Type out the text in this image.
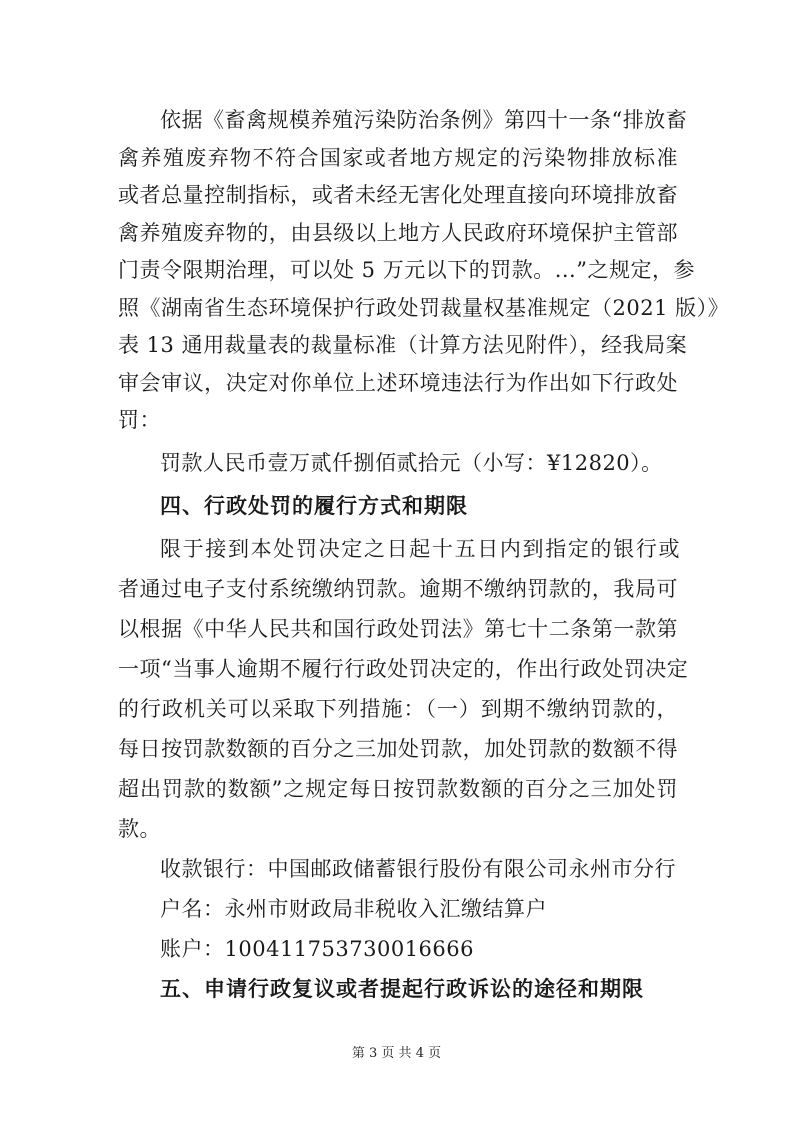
依据《畜禽规模养殖污染防治条例》第四十一条“排放畜
禽养殖废弃物不符合国家或者地方规定的污染物排放标准
或者总量控制指标，或者未经无害化处理直接向环境排放畜
禽养殖废弃物的，由县级以上地方人民政府环境保护主管部
门责令限期治理，可以处 5 万元以下的罚款。...”之规定，参
照《湖南省生态环境保护行政处罚裁量权基准规定（2021 版）》
表 13 通用裁量表的裁量标准（计算方法见附件），经我局案
审会审议，决定对你单位上述环境违法行为作出如下行政处
罚：
罚款人民币壹万贰仟捌佰贰拾元（小写：¥12820）。
四、行政处罚的履行方式和期限
限于接到本处罚决定之日起十五日内到指定的银行或
者通过电子支付系统缴纳罚款。逾期不缴纳罚款的，我局可
以根据《中华人民共和国行政处罚法》第七十二条第一款第
一项“当事人逾期不履行行政处罚决定的，作出行政处罚决定
的行政机关可以采取下列措施：（一）到期不缴纳罚款的，
每日按罚款数额的百分之三加处罚款，加处罚款的数额不得
超出罚款的数额”之规定每日按罚款数额的百分之三加处罚
款。
收款银行：中国邮政储蓄银行股份有限公司永州市分行
户名：永州市财政局非税收入汇缴结算户
账户：100411753730016666
五、申请行政复议或者提起行政诉讼的途径和期限
第 3 页 共 4 页
